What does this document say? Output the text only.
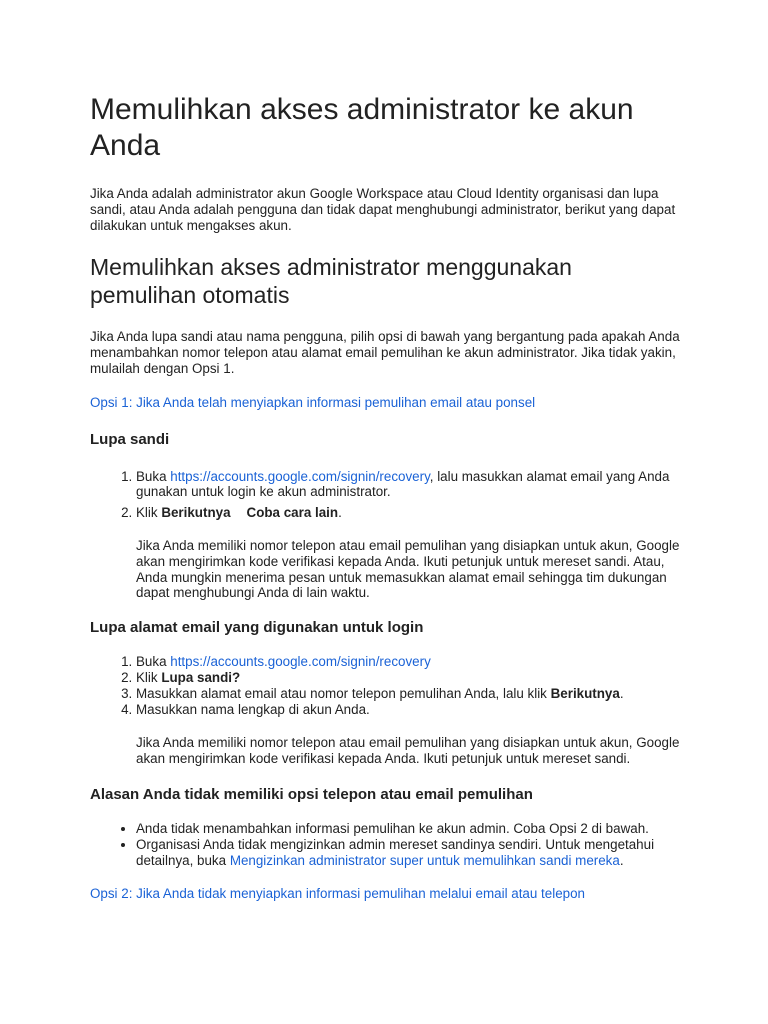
Memulihkan akses administrator ke akun Anda

Jika Anda adalah administrator akun Google Workspace atau Cloud Identity organisasi dan lupa sandi, atau Anda adalah pengguna dan tidak dapat menghubungi administrator, berikut yang dapat dilakukan untuk mengakses akun.

Memulihkan akses administrator menggunakan pemulihan otomatis

Jika Anda lupa sandi atau nama pengguna, pilih opsi di bawah yang bergantung pada apakah Anda menambahkan nomor telepon atau alamat email pemulihan ke akun administrator. Jika tidak yakin, mulailah dengan Opsi 1.

Opsi 1: Jika Anda telah menyiapkan informasi pemulihan email atau ponsel

Lupa sandi
1. Buka https://accounts.google.com/signin/recovery, lalu masukkan alamat email yang Anda gunakan untuk login ke akun administrator.
2. Klik Berikutnya Coba cara lain.

Jika Anda memiliki nomor telepon atau email pemulihan yang disiapkan untuk akun, Google akan mengirimkan kode verifikasi kepada Anda. Ikuti petunjuk untuk mereset sandi. Atau, Anda mungkin menerima pesan untuk memasukkan alamat email sehingga tim dukungan dapat menghubungi Anda di lain waktu.

Lupa alamat email yang digunakan untuk login
1. Buka https://accounts.google.com/signin/recovery
2. Klik Lupa sandi?
3. Masukkan alamat email atau nomor telepon pemulihan Anda, lalu klik Berikutnya.
4. Masukkan nama lengkap di akun Anda.

Jika Anda memiliki nomor telepon atau email pemulihan yang disiapkan untuk akun, Google akan mengirimkan kode verifikasi kepada Anda. Ikuti petunjuk untuk mereset sandi.

Alasan Anda tidak memiliki opsi telepon atau email pemulihan
• Anda tidak menambahkan informasi pemulihan ke akun admin. Coba Opsi 2 di bawah.
• Organisasi Anda tidak mengizinkan admin mereset sandinya sendiri. Untuk mengetahui detailnya, buka Mengizinkan administrator super untuk memulihkan sandi mereka.

Opsi 2: Jika Anda tidak menyiapkan informasi pemulihan melalui email atau telepon
